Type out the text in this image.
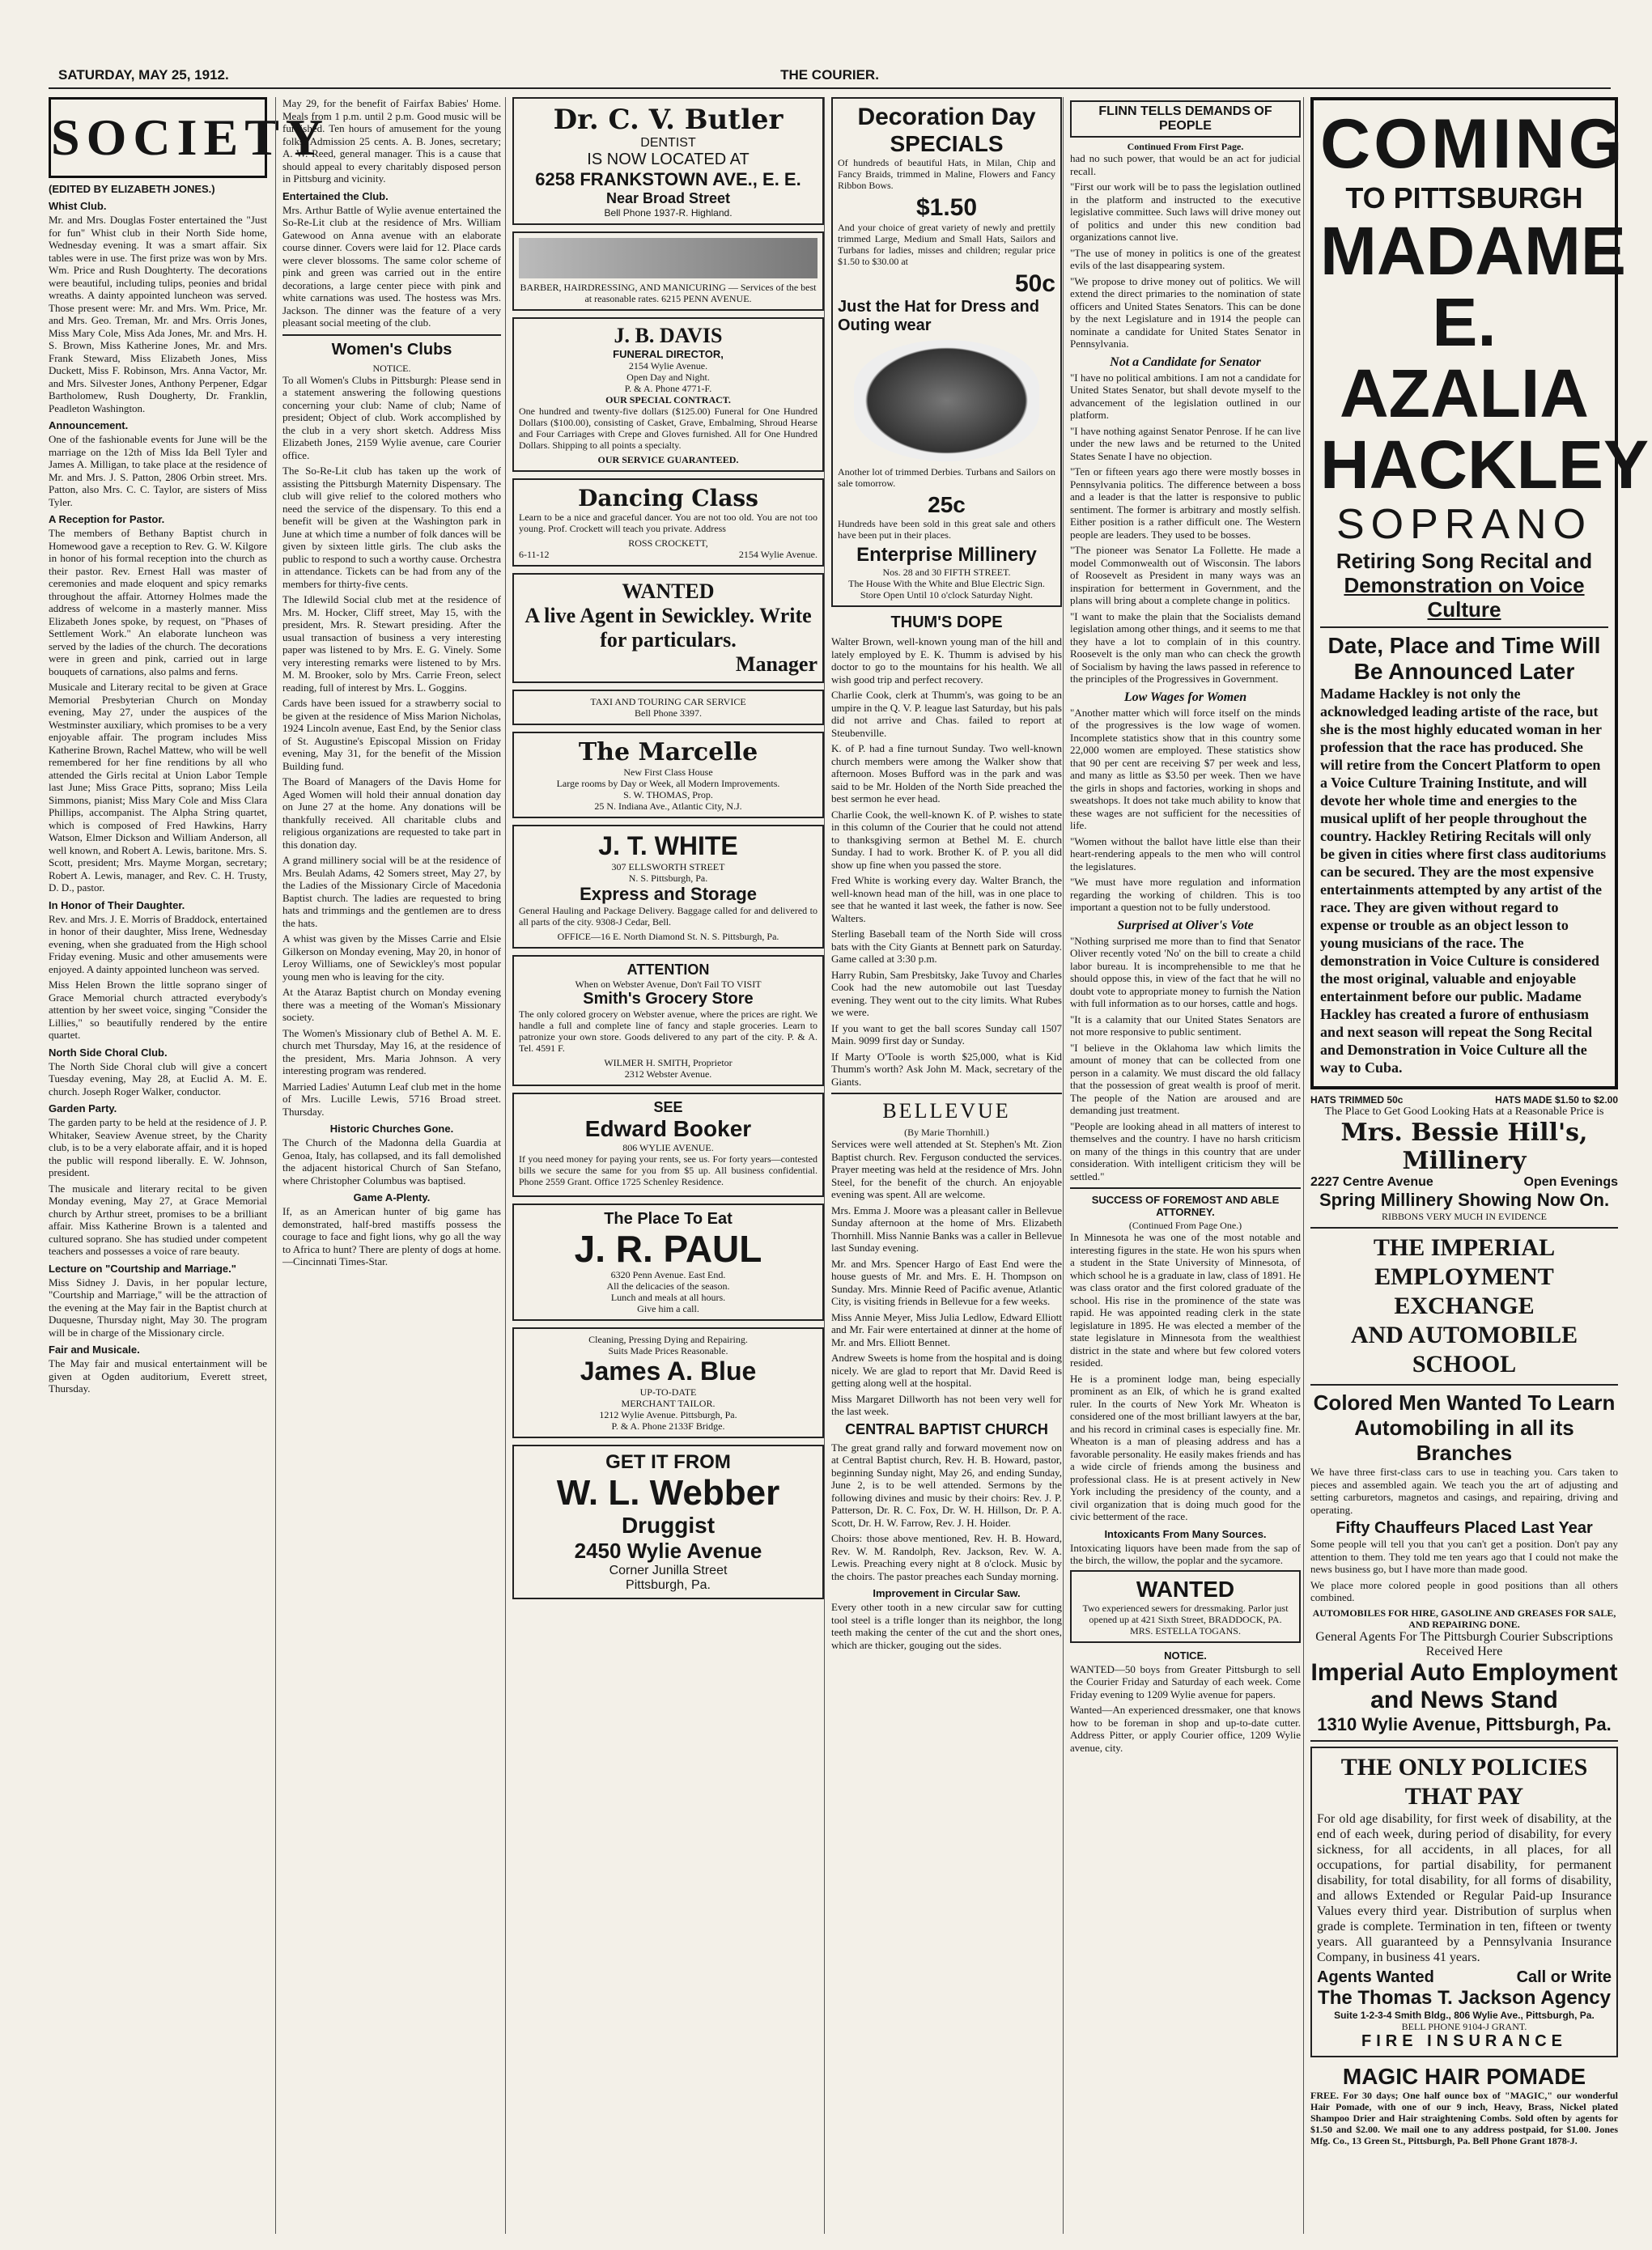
SATURDAY, MAY 25, 1912.	THE COURIER.
SOCIETY
(EDITED BY ELIZABETH JONES.)
Whist Club.

Mr. and Mrs. Douglas Foster entertained the "Just for fun" Whist club in their North Side home, Wednesday evening. It was a smart affair. Six tables were in use. The first prize was won by Mrs. Wm. Price and Rush Doughterty. The decorations were beautiful, including tulips, peonies and bridal wreaths. A dainty appointed luncheon was served. Those present were: Mr. and Mrs. Wm. Price, Mr. and Mrs. Geo. Treman, Mr. and Mrs. Orris Jones, Miss Mary Cole, Miss Ada Jones, Mr. and Mrs. H. S. Brown, Miss Katherine Jones, Mr. and Mrs. Frank Steward, Miss Elizabeth Jones, Miss Duckett, Miss F. Robinson, Mrs. Anna Vactor, Mr. and Mrs. Silvester Jones, Anthony Perpener, Edgar Bartholomew, Rush Dougherty, Dr. Franklin, Peadleton Washington.

Announcement.

One of the fashionable events for June will be the marriage on the 12th of Miss Ida Bell Tyler and James A. Milligan, to take place at the residence of Mr. and Mrs. J. S. Patton, 2806 Orbin street. Mrs. Patton, also Mrs. C. C. Taylor, are sisters of Miss Tyler.

A Reception for Pastor.

The members of Bethany Baptist church in Homewood gave a reception to Rev. G. W. Kilgore in honor of his formal reception into the church as their pastor. Rev. Ernest Hall was master of ceremonies and made eloquent and spicy remarks throughout the affair. Attorney Holmes made the address of welcome in a masterly manner. Miss Elizabeth Jones spoke, by request, on "Phases of Settlement Work." An elaborate luncheon was served by the ladies of the church. The decorations were in green and pink, carried out in large bouquets of carnations, also palms and ferns.

Musicale and Literary recital to be given at Grace Memorial Presbyterian Church on Monday evening, May 27, under the auspices of the Westminster auxiliary, which promises to be a very enjoyable affair. The program includes Miss Katherine Brown, Rachel Mattew, who will be well remembered for her fine renditions by all who attended the Girls recital at Union Labor Temple last June; Miss Grace Pitts, soprano; Miss Leila Simmons, pianist; Miss Mary Cole and Miss Clara Phillips, accompanist. The Alpha String quartet, which is composed of Fred Hawkins, Harry Watson, Elmer Dickson and William Anderson, all well known, and Robert A. Lewis, baritone. Mrs. S. Scott, president; Mrs. Mayme Morgan, secretary; Robert A. Lewis, manager, and Rev. C. H. Trusty, D. D., pastor.

In Honor of Their Daughter.

Rev. and Mrs. J. E. Morris of Braddock, entertained in honor of their daughter, Miss Irene, Wednesday evening, when she graduated from the High school Friday evening. Music and other amusements were enjoyed. A dainty appointed luncheon was served.

Miss Helen Brown the little soprano singer of Grace Memorial church attracted everybody's attention by her sweet voice, singing "Consider the Lillies," so beautifully rendered by the entire quartet.

North Side Choral Club.

The North Side Choral club will give a concert Tuesday evening, May 28, at Euclid A. M. E. church. Joseph Roger Walker, conductor.

Garden Party.

The garden party to be held at the residence of J. P. Whitaker, Seaview Avenue street, by the Charity club, is to be a very elaborate affair, and it is hoped the public will respond liberally. E. W. Johnson, president.

The musicale and literary recital to be given Monday evening, May 27, at Grace Memorial church by Arthur street, promises to be a brilliant affair. Miss Katherine Brown is a talented and cultured soprano. She has studied under competent teachers and possesses a voice of rare beauty.

Lecture on "Courtship and Marriage."

Miss Sidney J. Davis, in her popular lecture, "Courtship and Marriage," will be the attraction of the evening at the May fair in the Baptist church at Duquesne, Thursday night, May 30. The program will be in charge of the Missionary circle.

Fair and Musicale.

The May fair and musical entertainment will be given at Ogden auditorium, Everett street, Thursday.

May 29, for the benefit of Fairfax Babies' Home. Meals from 1 p.m. until 2 p.m. Good music will be furnished. Ten hours of amusement for the young folks. Admission 25 cents. A. B. Jones, secretary; A. W. Reed, general manager. This is a cause that should appeal to every charitably disposed person in Pittsburg and vicinity.

Entertained the Club.

Mrs. Arthur Battle of Wylie avenue entertained the So-Re-Lit club at the residence of Mrs. William Gatewood on Anna avenue with an elaborate course dinner. Covers were laid for 12. Place cards were clever blossoms. The same color scheme of pink and green was carried out in the entire decorations, a large center piece with pink and white carnations was used. The hostess was Mrs. Jackson. The dinner was the feature of a very pleasant social meeting of the club.

Women's Clubs
NOTICE.

To all Women's Clubs in Pittsburgh: Please send in a statement answering the following questions concerning your club: Name of club; Name of president; Object of club. Work accomplished by the club in a very short sketch. Address Miss Elizabeth Jones, 2159 Wylie avenue, care Courier office.

The So-Re-Lit club has taken up the work of assisting the Pittsburgh Maternity Dispensary. The club will give relief to the colored mothers who need the service of the dispensary. To this end a benefit will be given at the Washington park in June at which time a number of folk dances will be given by sixteen little girls. The club asks the public to respond to such a worthy cause. Orchestra in attendance. Tickets can be had from any of the members for thirty-five cents.

The Idlewild Social club met at the residence of Mrs. M. Hocker, Cliff street, May 15, with the president, Mrs. R. Stewart presiding. After the usual transaction of business a very interesting paper was listened to by Mrs. E. G. Vinely. Some very interesting remarks were listened to by Mrs. M. M. Brooker, solo by Mrs. Carrie Freon, select reading, full of interest by Mrs. L. Goggins.

Cards have been issued for a strawberry social to be given at the residence of Miss Marion Nicholas, 1924 Lincoln avenue, East End, by the Senior class of St. Augustine's Episcopal Mission on Friday evening, May 31, for the benefit of the Mission Building fund.

The Board of Managers of the Davis Home for Aged Women will hold their annual donation day on June 27 at the home. Any donations will be thankfully received. All charitable clubs and religious organizations are requested to take part in this donation day.

A grand millinery social will be at the residence of Mrs. Beulah Adams, 42 Somers street, May 27, by the Ladies of the Missionary Circle of Macedonia Baptist church. The ladies are requested to bring hats and trimmings and the gentlemen are to dress the hats.

A whist was given by the Misses Carrie and Elsie Gilkerson on Monday evening, May 20, in honor of Leroy Williams, one of Sewickley's most popular young men who is leaving for the city.

At the Ataraz Baptist church on Monday evening there was a meeting of the Woman's Missionary society.

The Women's Missionary club of Bethel A. M. E. church met Thursday, May 16, at the residence of the president, Mrs. Maria Johnson. A very interesting program was rendered.

Married Ladies' Autumn Leaf club met in the home of Mrs. Lucille Lewis, 5716 Broad street. Thursday.

Historic Churches Gone.

The Church of the Madonna della Guardia at Genoa, Italy, has collapsed, and its fall demolished the adjacent historical Church of San Stefano, where Christopher Columbus was baptised.

Game A-Plenty.

If, as an American hunter of big game has demonstrated, half-bred mastiffs possess the courage to face and fight lions, why go all the way to Africa to hunt? There are plenty of dogs at home. —Cincinnati Times-Star.

Dr. C. V. Butler
DENTIST
IS NOW LOCATED AT
6258 FRANKSTOWN AVE., E. E.
Near Broad Street
Bell Phone 1937-R. Highland.
BARBER, HAIRDRESSING, AND MANICURING — Services of the best at reasonable rates. 6215 PENN AVENUE.
J. B. DAVIS
FUNERAL DIRECTOR,
2154 Wylie Avenue.
Open Day and Night.
P. & A. Phone 4771-F.
OUR SPECIAL CONTRACT.

One hundred and twenty-five dollars ($125.00) Funeral for One Hundred Dollars ($100.00), consisting of Casket, Grave, Embalming, Shroud Hearse and Four Carriages with Crepe and Gloves furnished. All for One Hundred Dollars. Shipping to all points a specialty.

OUR SERVICE GUARANTEED.
Dancing Class

Learn to be a nice and graceful dancer. You are not too old. You are not too young. Prof. Crockett will teach you private. Address

ROSS CROCKETT,
6-11-12	2154 Wylie Avenue.
WANTED
A live Agent in Sewickley. Write for particulars.
Manager
TAXI AND TOURING CAR SERVICE
Bell Phone 3397.
The Marcelle
New First Class House
Large rooms by Day or Week, all Modern Improvements.
S. W. THOMAS, Prop.
25 N. Indiana Ave., Atlantic City, N.J.
J. T. WHITE
307 ELLSWORTH STREET
N. S. Pittsburgh, Pa.
Express and Storage

General Hauling and Package Delivery. Baggage called for and delivered to all parts of the city. 9308-J Cedar, Bell.

OFFICE—16 E. North Diamond St. N. S. Pittsburgh, Pa.
ATTENTION
When on Webster Avenue, Don't Fail TO VISIT
Smith's Grocery Store

The only colored grocery on Webster avenue, where the prices are right. We handle a full and complete line of fancy and staple groceries. Learn to patronize your own store. Goods delivered to any part of the city. P. & A. Tel. 4591 F.

WILMER H. SMITH, Proprietor
2312 Webster Avenue.
SEE
Edward Booker
806 WYLIE AVENUE.

If you need money for paying your rents, see us. For forty years—contested bills we secure the same for you from $5 up. All business confidential. Phone 2559 Grant. Office 1725 Schenley Residence.

The Place To Eat
J. R. PAUL
6320 Penn Avenue. East End.
All the delicacies of the season.
Lunch and meals at all hours.
Give him a call.
Cleaning, Pressing Dying and Repairing.
Suits Made Prices Reasonable.
James A. Blue
UP-TO-DATE
MERCHANT TAILOR.
1212 Wylie Avenue. Pittsburgh, Pa.
P. & A. Phone 2133F Bridge.
GET IT FROM
W. L. Webber
Druggist
2450 Wylie Avenue
Corner Junilla Street
Pittsburgh, Pa.
Decoration Day
SPECIALS

Of hundreds of beautiful Hats, in Milan, Chip and Fancy Braids, trimmed in Maline, Flowers and Fancy Ribbon Bows.

$1.50

And your choice of great variety of newly and prettily trimmed Large, Medium and Small Hats, Sailors and Turbans for ladies, misses and children; regular price $1.50 to $30.00 at

50c
Just the Hat for Dress and Outing wear

Another lot of trimmed Derbies. Turbans and Sailors on sale tomorrow.

25c

Hundreds have been sold in this great sale and others have been put in their places.

Enterprise Millinery
Nos. 28 and 30 FIFTH STREET.
The House With the White and Blue Electric Sign.
Store Open Until 10 o'clock Saturday Night.
THUM'S DOPE

Walter Brown, well-known young man of the hill and lately employed by E. K. Thumm is advised by his doctor to go to the mountains for his health. We all wish good trip and perfect recovery.

Charlie Cook, clerk at Thumm's, was going to be an umpire in the Q. V. P. league last Saturday, but his pals did not arrive and Chas. failed to report at Steubenville.

K. of P. had a fine turnout Sunday. Two well-known church members were among the Walker show that afternoon. Moses Bufford was in the park and was said to be Mr. Holden of the North Side preached the best sermon he ever head.

Charlie Cook, the well-known K. of P. wishes to state in this column of the Courier that he could not attend to thanksgiving sermon at Bethel M. E. church Sunday. I had to work. Brother K. of P. you all did show up fine when you passed the store.

Fred White is working every day. Walter Branch, the well-known head man of the hill, was in one place to see that he wanted it last week, the father is now. See Walters.

Sterling Baseball team of the North Side will cross bats with the City Giants at Bennett park on Saturday. Game called at 3:30 p.m.

Harry Rubin, Sam Presbitsky, Jake Tuvoy and Charles Cook had the new automobile out last Tuesday evening. They went out to the city limits. What Rubes we were.

If you want to get the ball scores Sunday call 1507 Main. 9099 first day or Sunday.

If Marty O'Toole is worth $25,000, what is Kid Thumm's worth? Ask John M. Mack, secretary of the Giants.

BELLEVUE
(By Marie Thornhill.)

Services were well attended at St. Stephen's Mt. Zion Baptist church. Rev. Ferguson conducted the services. Prayer meeting was held at the residence of Mrs. John Steel, for the benefit of the church. An enjoyable evening was spent. All are welcome.

Mrs. Emma J. Moore was a pleasant caller in Bellevue Sunday afternoon at the home of Mrs. Elizabeth Thornhill. Miss Nannie Banks was a caller in Bellevue last Sunday evening.

Mr. and Mrs. Spencer Hargo of East End were the house guests of Mr. and Mrs. E. H. Thompson on Sunday. Mrs. Minnie Reed of Pacific avenue, Atlantic City, is visiting friends in Bellevue for a few weeks.

Miss Annie Meyer, Miss Julia Ledlow, Edward Elliott and Mr. Fair were entertained at dinner at the home of Mr. and Mrs. Elliott Bennet.

Andrew Sweets is home from the hospital and is doing nicely. We are glad to report that Mr. David Reed is getting along well at the hospital.

Miss Margaret Dillworth has not been very well for the last week.

CENTRAL BAPTIST CHURCH

The great grand rally and forward movement now on at Central Baptist church, Rev. H. B. Howard, pastor, beginning Sunday night, May 26, and ending Sunday, June 2, is to be well attended. Sermons by the following divines and music by their choirs: Rev. J. P. Patterson, Dr. R. C. Fox, Dr. W. H. Hillson, Dr. P. A. Scott, Dr. H. W. Farrow, Rev. J. H. Hoider.

Choirs: those above mentioned, Rev. H. B. Howard, Rev. W. M. Randolph, Rev. Jackson, Rev. W. A. Lewis. Preaching every night at 8 o'clock. Music by the choirs. The pastor preaches each Sunday morning.

Improvement in Circular Saw.

Every other tooth in a new circular saw for cutting tool steel is a trifle longer than its neighbor, the long teeth making the center of the cut and the short ones, which are thicker, gouging out the sides.

FLINN TELLS DEMANDS OF PEOPLE
Continued From First Page.

had no such power, that would be an act for judicial recall.

"First our work will be to pass the legislation outlined in the platform and instructed to the executive legislative committee. Such laws will drive money out of politics and under this new condition bad organizations cannot live.

"The use of money in politics is one of the greatest evils of the last disappearing system.

"We propose to drive money out of politics. We will extend the direct primaries to the nomination of state officers and United States Senators. This can be done by the next Legislature and in 1914 the people can nominate a candidate for United States Senator in Pennsylvania.

Not a Candidate for Senator

"I have no political ambitions. I am not a candidate for United States Senator, but shall devote myself to the advancement of the legislation outlined in our platform.

"I have nothing against Senator Penrose. If he can live under the new laws and be returned to the United States Senate I have no objection.

"Ten or fifteen years ago there were mostly bosses in Pennsylvania politics. The difference between a boss and a leader is that the latter is responsive to public sentiment. The former is arbitrary and mostly selfish. Either position is a rather difficult one. The Western people are leaders. They used to be bosses.

"The pioneer was Senator La Follette. He made a model Commonwealth out of Wisconsin. The labors of Roosevelt as President in many ways was an inspiration for betterment in Government, and the plans will bring about a complete change in politics.

"I want to make the plain that the Socialists demand legislation among other things, and it seems to me that they have a lot to complain of in this country. Roosevelt is the only man who can check the growth of Socialism by having the laws passed in reference to the principles of the Progressives in Government.

Low Wages for Women

"Another matter which will force itself on the minds of the progressives is the low wage of women. Incomplete statistics show that in this country some 22,000 women are employed. These statistics show that 90 per cent are receiving $7 per week and less, and many as little as $3.50 per week. Then we have the girls in shops and factories, working in shops and sweatshops. It does not take much ability to know that these wages are not sufficient for the necessities of life.

"Women without the ballot have little else than their heart-rendering appeals to the men who will control the legislatures.

"We must have more regulation and information regarding the working of children. This is too important a question not to be fully understood.

Surprised at Oliver's Vote

"Nothing surprised me more than to find that Senator Oliver recently voted 'No' on the bill to create a child labor bureau. It is incomprehensible to me that he should oppose this, in view of the fact that he will no doubt vote to appropriate money to furnish the Nation with full information as to our horses, cattle and hogs.

"It is a calamity that our United States Senators are not more responsive to public sentiment.

"I believe in the Oklahoma law which limits the amount of money that can be collected from one person in a calamity. We must discard the old fallacy that the possession of great wealth is proof of merit. The people of the Nation are aroused and are demanding just treatment.

"People are looking ahead in all matters of interest to themselves and the country. I have no harsh criticism on many of the things in this country that are under consideration. With intelligent criticism they will be settled."

SUCCESS OF FOREMOST AND ABLE ATTORNEY.
(Continued From Page One.)

In Minnesota he was one of the most notable and interesting figures in the state. He won his spurs when a student in the State University of Minnesota, of which school he is a graduate in law, class of 1891. He was class orator and the first colored graduate of the school. His rise in the prominence of the state was rapid. He was appointed reading clerk in the state legislature in 1895. He was elected a member of the state legislature in Minnesota from the wealthiest district in the state and where but few colored voters resided.

He is a prominent lodge man, being especially prominent as an Elk, of which he is grand exalted ruler. In the courts of New York Mr. Wheaton is considered one of the most brilliant lawyers at the bar, and his record in criminal cases is especially fine. Mr. Wheaton is a man of pleasing address and has a favorable personality. He easily makes friends and has a wide circle of friends among the business and professional class. He is at present actively in New York including the presidency of the county, and a civil organization that is doing much good for the civic betterment of the race.

Intoxicants From Many Sources.

Intoxicating liquors have been made from the sap of the birch, the willow, the poplar and the sycamore.

WANTED
Two experienced sewers for dressmaking. Parlor just opened up at 421 Sixth Street, BRADDOCK, PA.
MRS. ESTELLA TOGANS.
NOTICE.

WANTED—50 boys from Greater Pittsburgh to sell the Courier Friday and Saturday of each week. Come Friday evening to 1209 Wylie avenue for papers.

Wanted—An experienced dressmaker, one that knows how to be foreman in shop and up-to-date cutter. Address Pitter, or apply Courier office, 1209 Wylie avenue, city.

COMING
TO PITTSBURGH
MADAME
E. AZALIA
HACKLEY
SOPRANO
Retiring Song Recital and
Demonstration on Voice Culture
Date, Place and Time Will Be Announced Later

Madame Hackley is not only the acknowledged leading artiste of the race, but she is the most highly educated woman in her profession that the race has produced. She will retire from the Concert Platform to open a Voice Culture Training Institute, and will devote her whole time and energies to the musical uplift of her people throughout the country. Hackley Retiring Recitals will only be given in cities where first class auditoriums can be secured. They are the most expensive entertainments attempted by any artist of the race. They are given without regard to expense or trouble as an object lesson to young musicians of the race. The demonstration in Voice Culture is considered the most original, valuable and enjoyable entertainment before our public. Madame Hackley has created a furore of enthusiasm and next season will repeat the Song Recital and Demonstration in Voice Culture all the way to Cuba.

HATS TRIMMED 50c	HATS MADE $1.50 to $2.00
The Place to Get Good Looking Hats at a Reasonable Price is
Mrs. Bessie Hill's, Millinery
2227 Centre Avenue	Open Evenings
Spring Millinery Showing Now On.
RIBBONS VERY MUCH IN EVIDENCE
THE IMPERIAL EMPLOYMENT EXCHANGE
AND AUTOMOBILE SCHOOL
Colored Men Wanted To Learn
Automobiling in all its Branches

We have three first-class cars to use in teaching you. Cars taken to pieces and assembled again. We teach you the art of adjusting and setting carburetors, magnetos and casings, and repairing, driving and operating.

Fifty Chauffeurs Placed Last Year

Some people will tell you that you can't get a position. Don't pay any attention to them. They told me ten years ago that I could not make the news business go, but I have more than made good.

We place more colored people in good positions than all others combined.

AUTOMOBILES FOR HIRE, GASOLINE AND GREASES FOR SALE, AND REPAIRING DONE.
General Agents For The Pittsburgh Courier Subscriptions Received Here
Imperial Auto Employment
and News Stand
1310 Wylie Avenue, Pittsburgh, Pa.
THE ONLY POLICIES THAT PAY

For old age disability, for first week of disability, at the end of each week, during period of disability, for every sickness, for all accidents, in all places, for all occupations, for partial disability, for permanent disability, for total disability, for all forms of disability, and allows Extended or Regular Paid-up Insurance Values every third year. Distribution of surplus when grade is complete. Termination in ten, fifteen or twenty years. All guaranteed by a Pennsylvania Insurance Company, in business 41 years.

Agents Wanted	Call or Write
The Thomas T. Jackson Agency
Suite 1-2-3-4 Smith Bldg., 806 Wylie Ave., Pittsburgh, Pa.
BELL PHONE 9104-J GRANT.
FIRE INSURANCE
MAGIC HAIR POMADE

FREE. For 30 days; One half ounce box of "MAGIC," our wonderful Hair Pomade, with one of our 9 inch, Heavy, Brass, Nickel plated Shampoo Drier and Hair straightening Combs. Sold often by agents for $1.50 and $2.00. We mail one to any address postpaid, for $1.00. Jones Mfg. Co., 13 Green St., Pittsburgh, Pa. Bell Phone Grant 1878-J.
